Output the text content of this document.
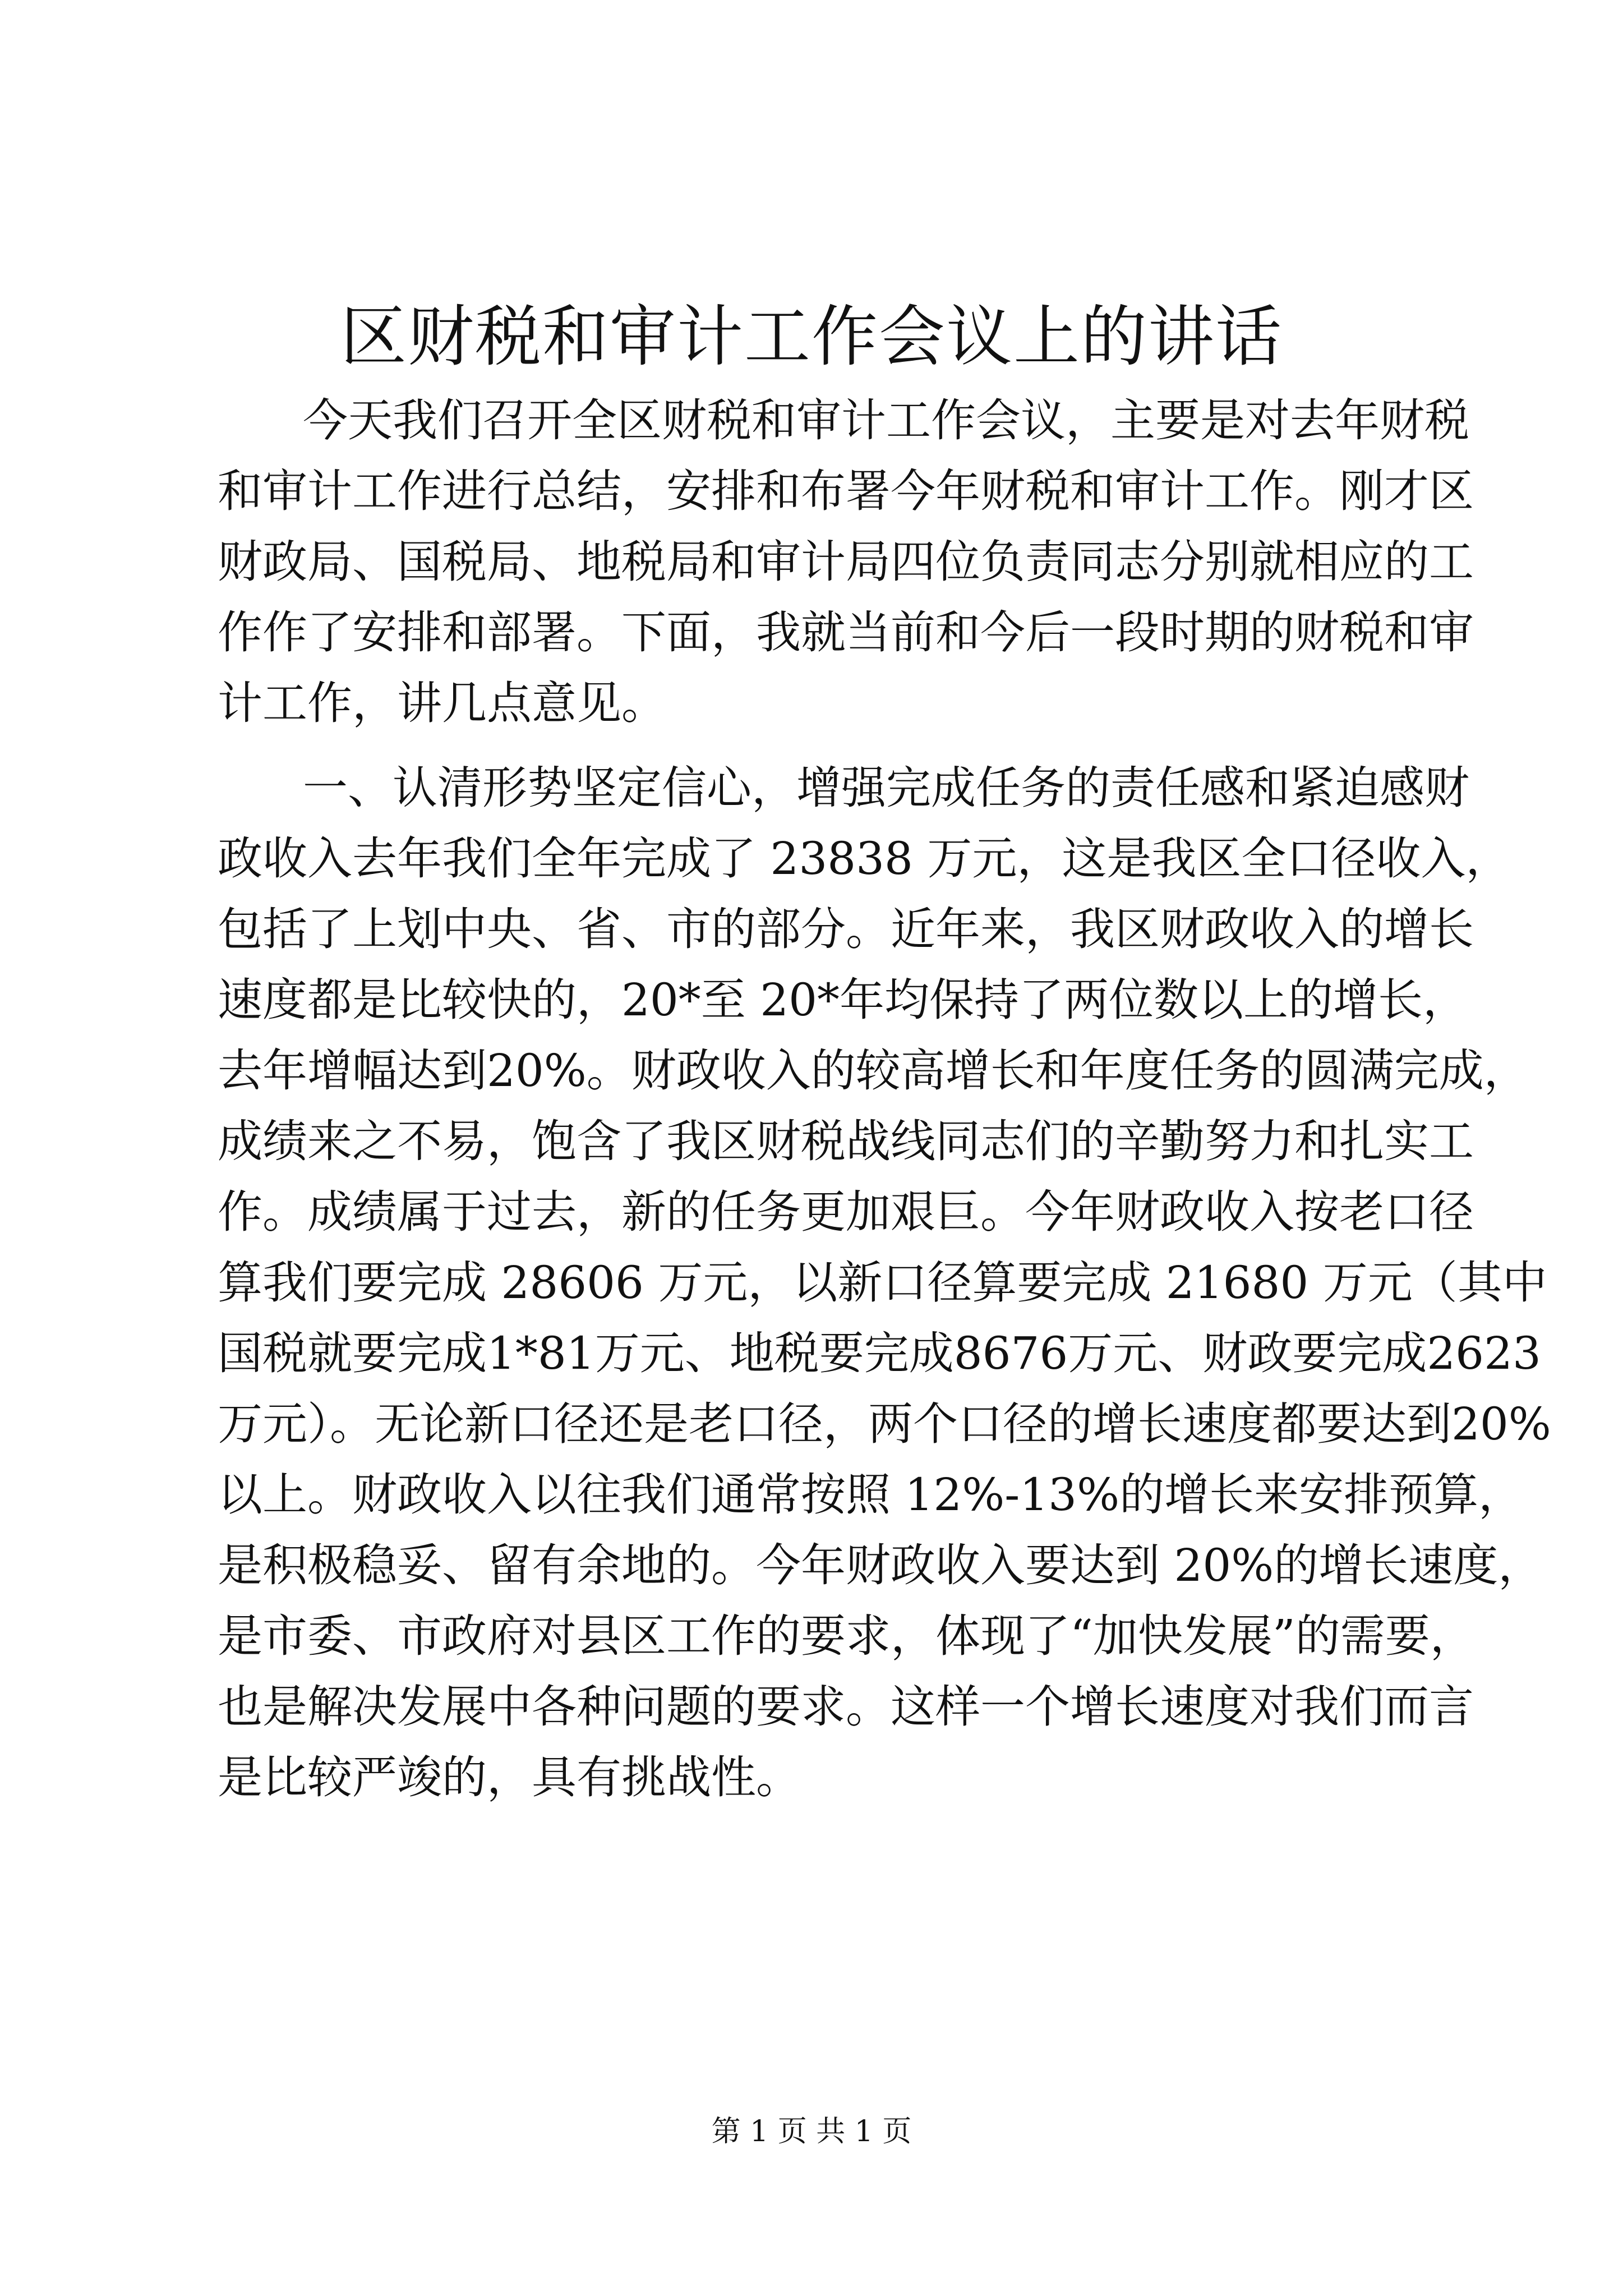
区财税和审计工作会议上的讲话

今天我们召开全区财税和审计工作会议，主要是对去年财税

和审计工作进行总结，安排和布署今年财税和审计工作。刚才区

财政局、国税局、地税局和审计局四位负责同志分别就相应的工

作作了安排和部署。下面，我就当前和今后一段时期的财税和审

计工作，讲几点意见。

一、认清形势坚定信心，增强完成任务的责任感和紧迫感财

政收入去年我们全年完成了 23838 万元，这是我区全口径收入，

包括了上划中央、省、市的部分。近年来，我区财政收入的增长

速度都是比较快的，20*至 20*年均保持了两位数以上的增长，

去年增幅达到20%。财政收入的较高增长和年度任务的圆满完成，

成绩来之不易，饱含了我区财税战线同志们的辛勤努力和扎实工

作。成绩属于过去，新的任务更加艰巨。今年财政收入按老口径

算我们要完成 28606 万元，以新口径算要完成 21680 万元（其中

国税就要完成1*81万元、地税要完成8676万元、财政要完成2623

万元）。无论新口径还是老口径，两个口径的增长速度都要达到20%

以上。财政收入以往我们通常按照 12%-13%的增长来安排预算，

是积极稳妥、留有余地的。今年财政收入要达到 20%的增长速度，

是市委、市政府对县区工作的要求，体现了“加快发展”的需要，

也是解决发展中各种问题的要求。这样一个增长速度对我们而言

是比较严竣的，具有挑战性。

第 1 页 共 1 页
